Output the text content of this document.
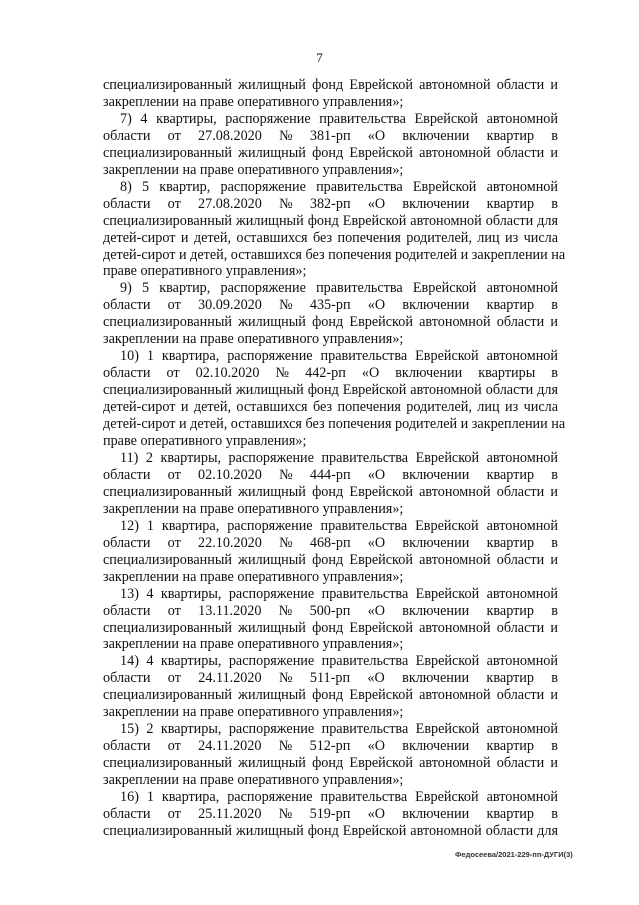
7
специализированный жилищный фонд Еврейской автономной области и
закреплении на праве оперативного управления»;
7) 4 квартиры, распоряжение правительства Еврейской автономной
области от 27.08.2020 № 381-рп «О включении квартир в
специализированный жилищный фонд Еврейской автономной области и
закреплении на праве оперативного управления»;
8) 5 квартир, распоряжение правительства Еврейской автономной
области от 27.08.2020 № 382-рп «О включении квартир в
специализированный жилищный фонд Еврейской автономной области для
детей-сирот и детей, оставшихся без попечения родителей, лиц из числа
детей-сирот и детей, оставшихся без попечения родителей и закреплении на
праве оперативного управления»;
9) 5 квартир, распоряжение правительства Еврейской автономной
области от 30.09.2020 № 435-рп «О включении квартир в
специализированный жилищный фонд Еврейской автономной области и
закреплении на праве оперативного управления»;
10) 1 квартира, распоряжение правительства Еврейской автономной
области от 02.10.2020 № 442-рп «О включении квартиры в
специализированный жилищный фонд Еврейской автономной области для
детей-сирот и детей, оставшихся без попечения родителей, лиц из числа
детей-сирот и детей, оставшихся без попечения родителей и закреплении на
праве оперативного управления»;
11) 2 квартиры, распоряжение правительства Еврейской автономной
области от 02.10.2020 № 444-рп «О включении квартир в
специализированный жилищный фонд Еврейской автономной области и
закреплении на праве оперативного управления»;
12) 1 квартира, распоряжение правительства Еврейской автономной
области от 22.10.2020 № 468-рп «О включении квартир в
специализированный жилищный фонд Еврейской автономной области и
закреплении на праве оперативного управления»;
13) 4 квартиры, распоряжение правительства Еврейской автономной
области от 13.11.2020 № 500-рп «О включении квартир в
специализированный жилищный фонд Еврейской автономной области и
закреплении на праве оперативного управления»;
14) 4 квартиры, распоряжение правительства Еврейской автономной
области от 24.11.2020 № 511-рп «О включении квартир в
специализированный жилищный фонд Еврейской автономной области и
закреплении на праве оперативного управления»;
15) 2 квартиры, распоряжение правительства Еврейской автономной
области от 24.11.2020 № 512-рп «О включении квартир в
специализированный жилищный фонд Еврейской автономной области и
закреплении на праве оперативного управления»;
16) 1 квартира, распоряжение правительства Еврейской автономной
области от 25.11.2020 № 519-рп «О включении квартир в
специализированный жилищный фонд Еврейской автономной области для
Федосеева/2021-229-пп-ДУГИ(3)
